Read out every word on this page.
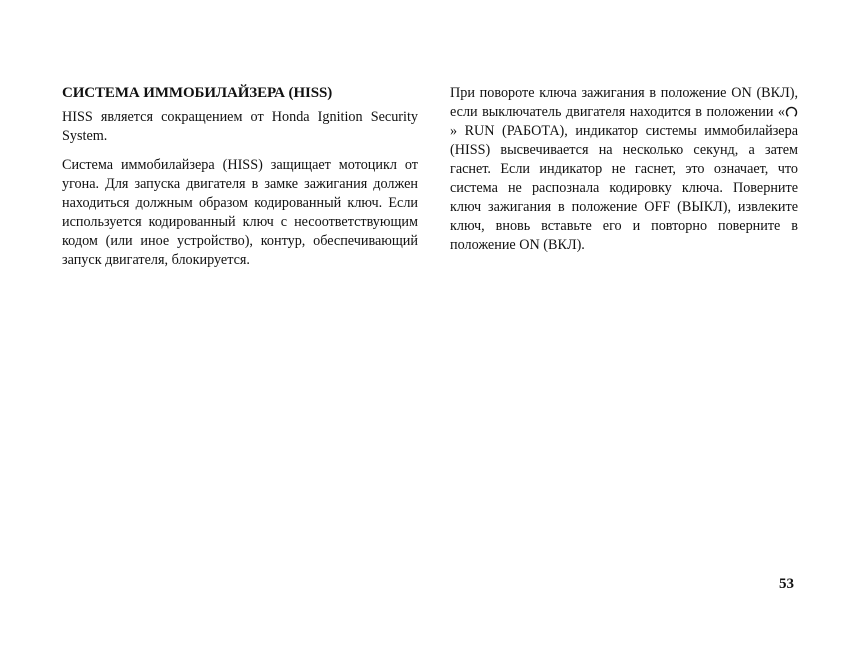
СИСТЕМА ИММОБИЛАЙЗЕРА (HISS)

HISS является сокращением от Honda Ignition Security System.

Система иммобилайзера (HISS) защищает мотоцикл от угона. Для запуска двигателя в замке зажигания должен находиться должным образом кодированный ключ. Если используется кодированный ключ с несоответствующим кодом (или иное устройство), контур, обеспечивающий запуск двигателя, блокируется.

При повороте ключа зажигания в положение ON (ВКЛ), если выключатель двигателя находится в положении «» RUN (РАБОТА), индикатор системы иммобилайзера (HISS) высвечивается на несколько секунд, а затем гаснет. Если индикатор не гаснет, это означает, что система не распознала кодировку ключа. Поверните ключ зажигания в положение OFF (ВЫКЛ), извлеките ключ, вновь вставьте его и повторно поверните в положение ON (ВКЛ).

53
